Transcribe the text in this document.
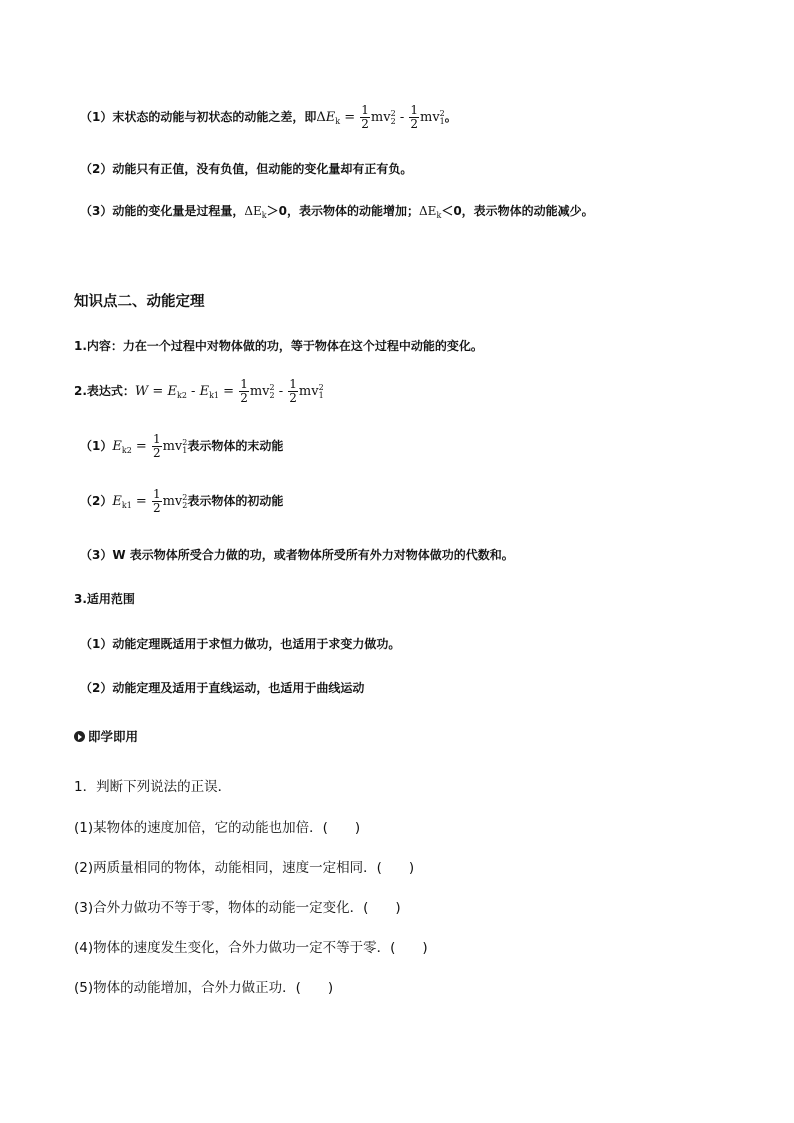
（1）末状态的动能与初状态的动能之差，即$\Delta E_k = \frac{1}{2}$ mv 2
$2 - \frac{1}{2}$ mv 2
1 。
（2）动能只有正值，没有负值，但动能的变化量却有正有负。
（3）动能的变化量是过程量，$\Delta E_k>0$，表示物体的动能增加；$\Delta E_k<0$，表示物体的动能减少。
知识点二、动能定理
1.内容：力在一个过程中对物体做的功，等于物体在这个过程中动能的变化。
2.表达式：$W = E_{k2} - E_{k1} = \frac{1}{2}$ mv 2
$2 - \frac{1}{2}$ mv 2
1
$(1)E_{k2} = \frac{1}{2}$ mv 2
1 表示物体的末动能
$(2)E_{k1} = \frac{1}{2}$ mv 2
2 表示物体的初动能
（3）W 表示物体所受合力做的功，或者物体所受所有外力对物体做功的代数和。
3.适用范围
（1）动能定理既适用于求恒力做功，也适用于求变力做功。
（2）动能定理及适用于直线运动，也适用于曲线运动
即学即用
1．判断下列说法的正误．
(1)某物体的速度加倍，它的动能也加倍．(　　)
(2)两质量相同的物体，动能相同，速度一定相同．(　　)
(3)合外力做功不等于零，物体的动能一定变化．(　　)
(4)物体的速度发生变化，合外力做功一定不等于零．(　　)
(5)物体的动能增加，合外力做正功．(　　)
